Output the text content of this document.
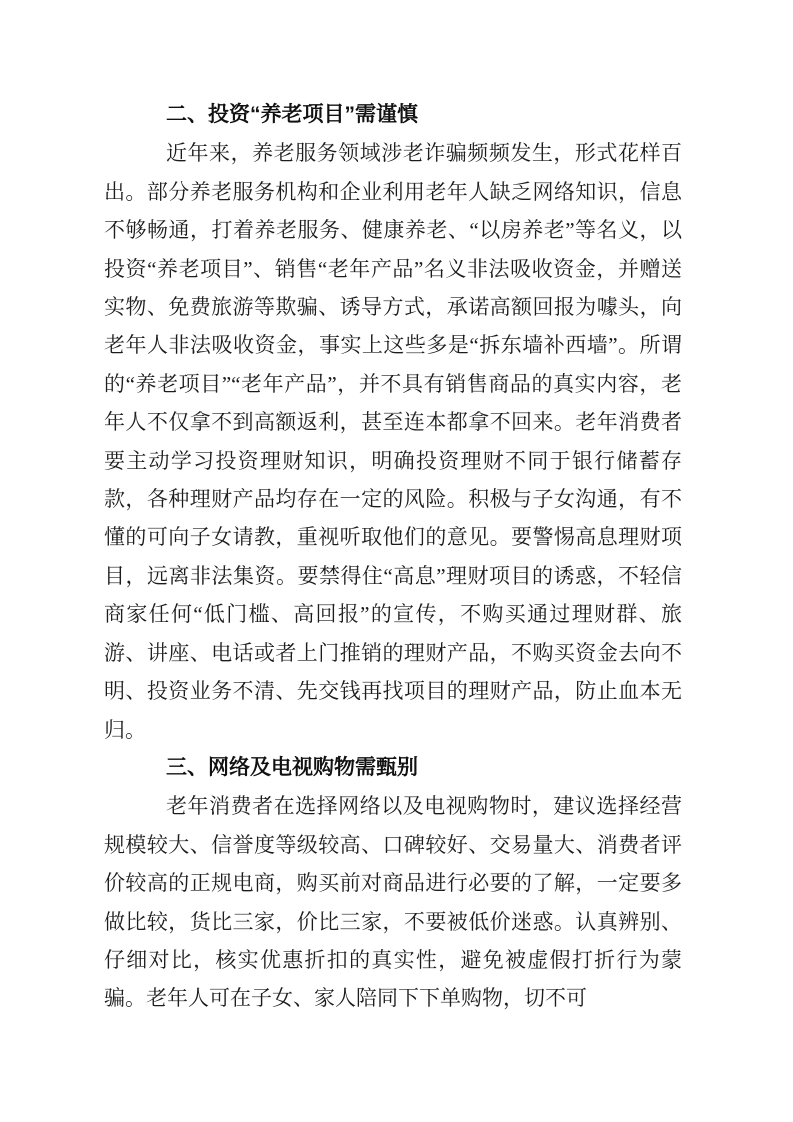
二、投资“养老项目”需谨慎

近年来，养老服务领域涉老诈骗频频发生，形式花样百出。部分养老服务机构和企业利用老年人缺乏网络知识，信息不够畅通，打着养老服务、健康养老、“以房养老”等名义，以投资“养老项目”、销售“老年产品”名义非法吸收资金，并赠送实物、免费旅游等欺骗、诱导方式，承诺高额回报为噱头，向老年人非法吸收资金，事实上这些多是“拆东墙补西墙”。所谓的“养老项目”“老年产品”，并不具有销售商品的真实内容，老年人不仅拿不到高额返利，甚至连本都拿不回来。老年消费者要主动学习投资理财知识，明确投资理财不同于银行储蓄存款，各种理财产品均存在一定的风险。积极与子女沟通，有不懂的可向子女请教，重视听取他们的意见。要警惕高息理财项目，远离非法集资。要禁得住“高息”理财项目的诱惑，不轻信商家任何“低门槛、高回报”的宣传，不购买通过理财群、旅游、讲座、电话或者上门推销的理财产品，不购买资金去向不明、投资业务不清、先交钱再找项目的理财产品，防止血本无归。

三、网络及电视购物需甄别

老年消费者在选择网络以及电视购物时，建议选择经营规模较大、信誉度等级较高、口碑较好、交易量大、消费者评价较高的正规电商，购买前对商品进行必要的了解，一定要多做比较，货比三家，价比三家，不要被低价迷惑。认真辨别、仔细对比，核实优惠折扣的真实性，避免被虚假打折行为蒙骗。老年人可在子女、家人陪同下下单购物，切不可
